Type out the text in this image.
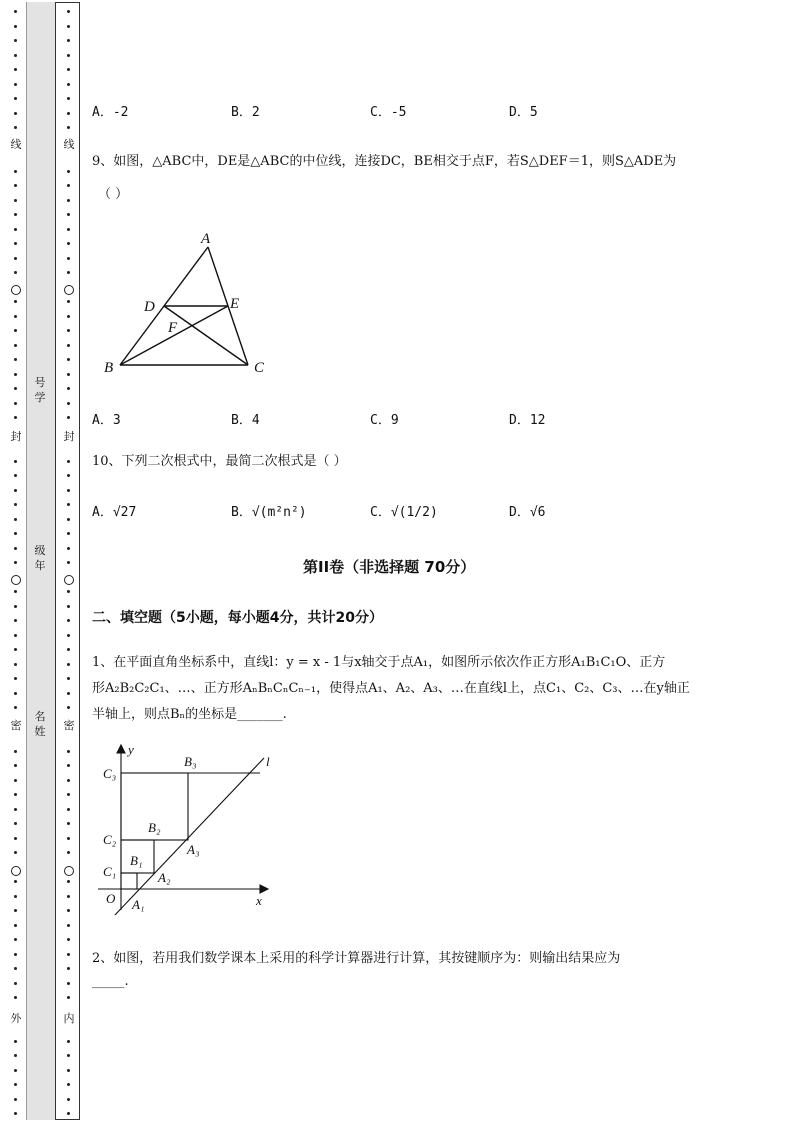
线
封
密
外
线
封
密
内
号学
级年
名姓
A．-2	B．2	C．-5	D．5
9、如图，△ABC中，DE是△ABC的中位线，连接DC，BE相交于点F，若S△DEF＝1，则S△ADE为
（ ）
A
B	C
D	E
F
A．3	B．4	C．9	D．12
10、下列二次根式中，最简二次根式是（ ）
A．√27	B．√(m²n²)	C．√(1/2)	D．√6
第II卷（非选择题 70分）
二、填空题（5小题，每小题4分，共计20分）
1、在平面直角坐标系中，直线l：y = x - 1与x轴交于点A₁，如图所示依次作正方形A₁B₁C₁O、正方
形A₂B₂C₂C₁、…、正方形AₙBₙCₙCₙ₋₁，使得点A₁、A₂、A₃、…在直线l上，点C₁、C₂、C₃、…在y轴正
半轴上，则点Bₙ的坐标是_______.
y
x
O
l
A₁
A₂
A₃
B₁
B₂
B₃
C₁
C₂
C₃
2、如图，若用我们数学课本上采用的科学计算器进行计算，其按键顺序为：则输出结果应为
_____.
